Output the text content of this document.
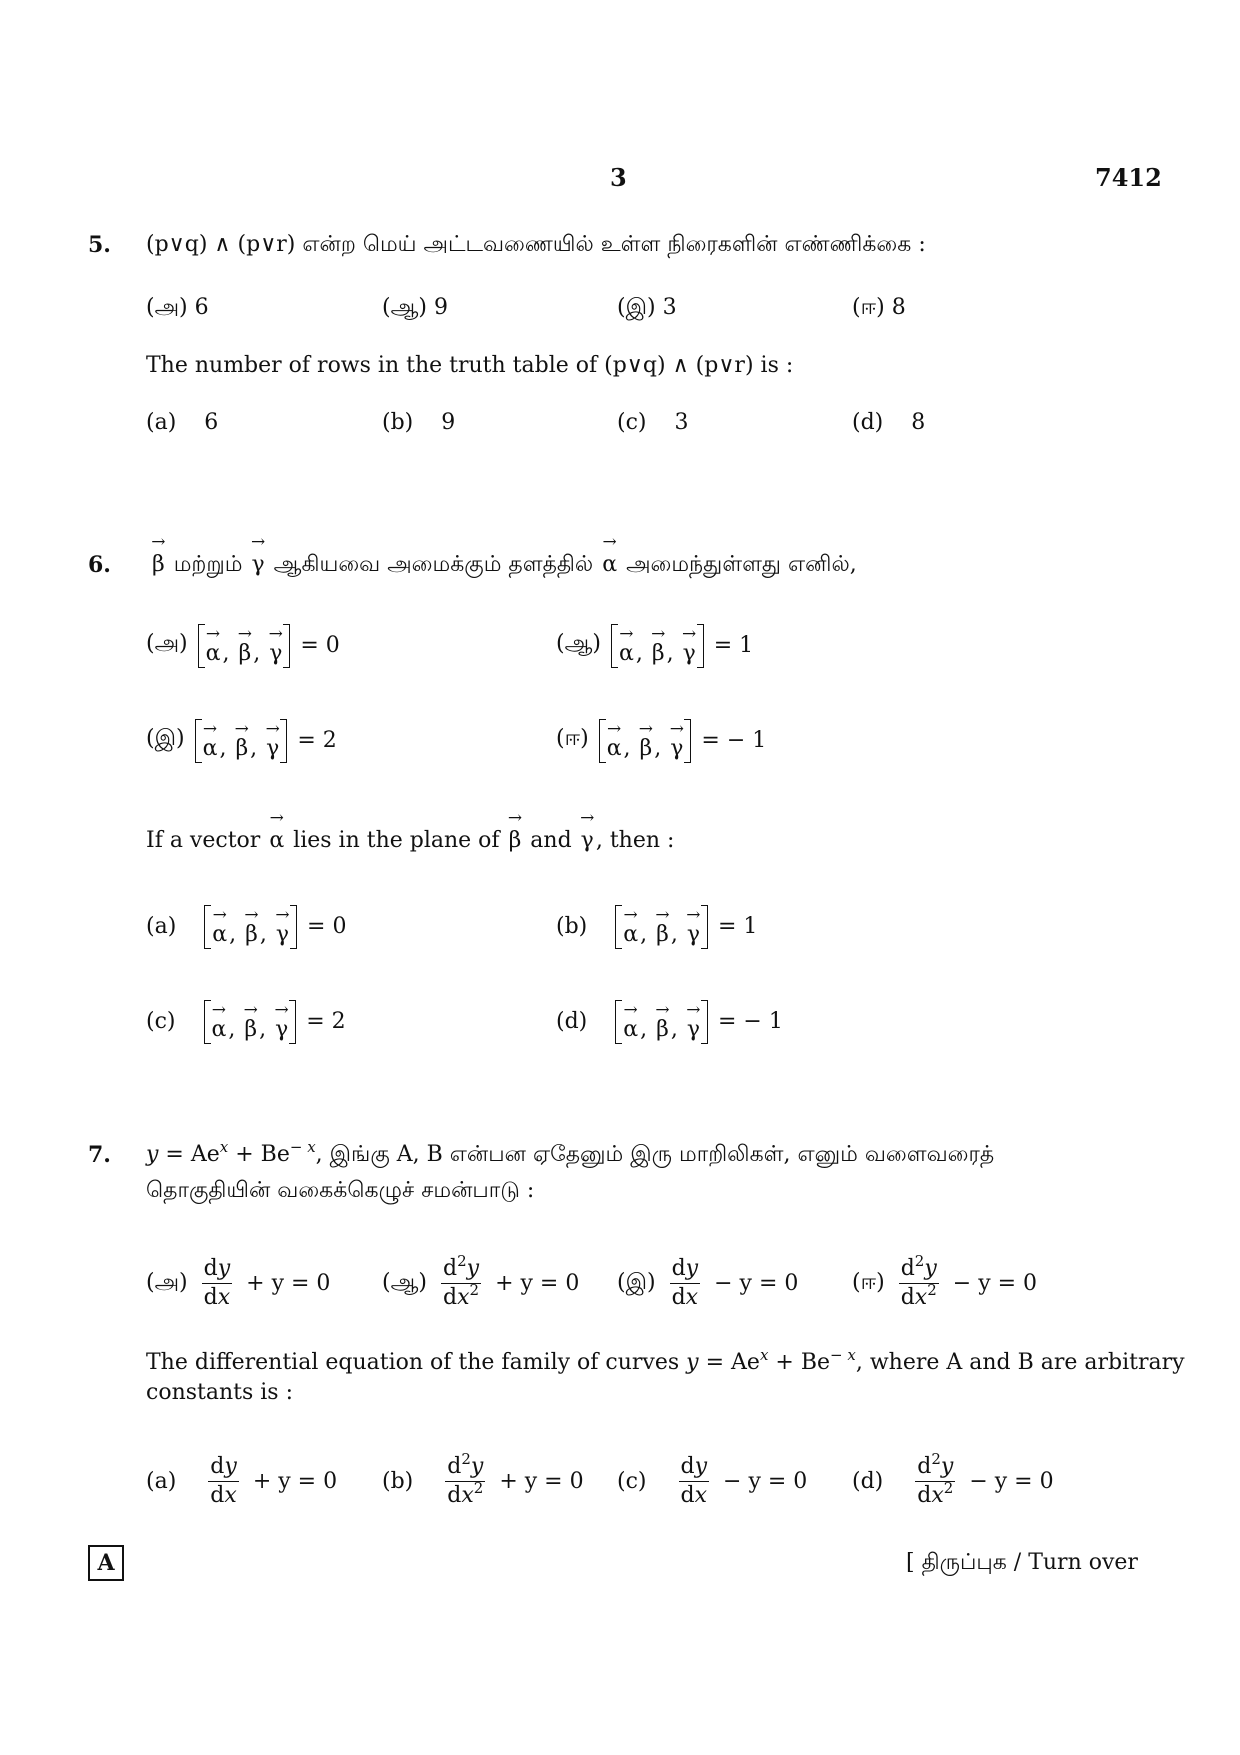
3	7412
5. (p∨q) ∧ (p∨r) என்ற மெய் அட்டவணையில் உள்ள நிரைகளின் எண்ணிக்கை :
(அ) 6	(ஆ) 9	(இ) 3	(ஈ) 8
The number of rows in the truth table of (p∨q) ∧ (p∨r) is :
(a) 6	(b) 9	(c) 3	(d) 8
6. → β மற்றும் → γ ஆகியவை அமைக்கும் தளத்தில் → α அமைந்துள்ளது எனில்,
(அ) → α, → β, → γ = 0	(ஆ) → α, → β, → γ = 1
(இ) → α, → β, → γ = 2	(ஈ) → α, → β, → γ = − 1
If a vector → α lies in the plane of → β and → γ, then :
(a)	→ α, → β, → γ = 0	(b)	→ α, → β, → γ = 1
(c)	→ α, → β, → γ = 2	(d)	→ α, → β, → γ = − 1
7. $y = Ae^x + Be^{- x}$, இங்கு A, B என்பன ஏதேனும் இரு மாறிலிகள், எனும் வளைவரைத்
தொகுதியின் வகைக்கெழுச் சமன்பாடு :
(அ) $\frac{dy}{dx} + y = 0$ (ஆ) $\frac{d^2y}{dx^2} + y = 0$ (இ) $\frac{dy}{dx} - y = 0$ (ஈ) $\frac{d^2y}{dx^2} - y = 0$
The differential equation of the family of curves $y = Ae^x + Be^{- x}$, where A and B are arbitrary
constants is :
$(a) \frac{dy}{dx} + y = 0$ $(b) \frac{d^2y}{dx^2} + y = 0$ $(c) \frac{dy}{dx} - y = 0$ $(d) \frac{d^2y}{dx^2} - y = 0$
A	[ திருப்புக / Turn over
